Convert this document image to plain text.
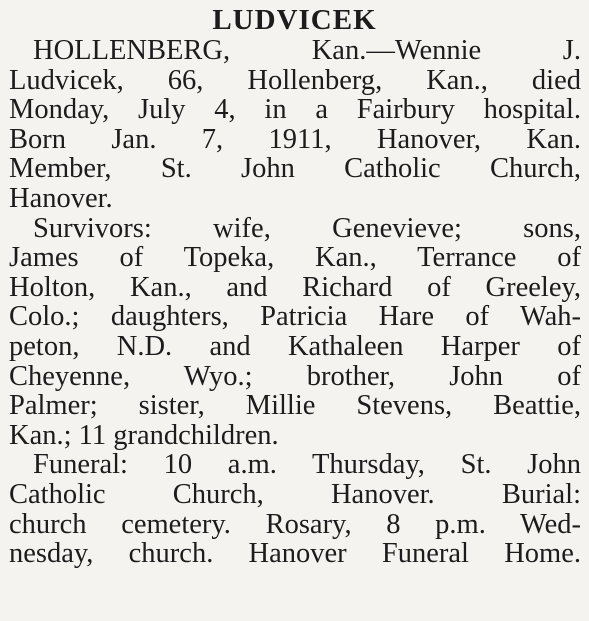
LUDVICEK
HOLLENBERG, Kan.—Wennie J.
Ludvicek, 66, Hollenberg, Kan., died
Monday, July 4, in a Fairbury hospital.
Born Jan. 7, 1911, Hanover, Kan.
Member, St. John Catholic Church,
Hanover.
Survivors: wife, Genevieve; sons,
James of Topeka, Kan., Terrance of
Holton, Kan., and Richard of Greeley,
Colo.; daughters, Patricia Hare of Wah-
peton, N.D. and Kathaleen Harper of
Cheyenne, Wyo.; brother, John of
Palmer; sister, Millie Stevens, Beattie,
Kan.; 11 grandchildren.
Funeral: 10 a.m. Thursday, St. John
Catholic Church, Hanover. Burial:
church cemetery. Rosary, 8 p.m. Wed-
nesday, church. Hanover Funeral Home.
